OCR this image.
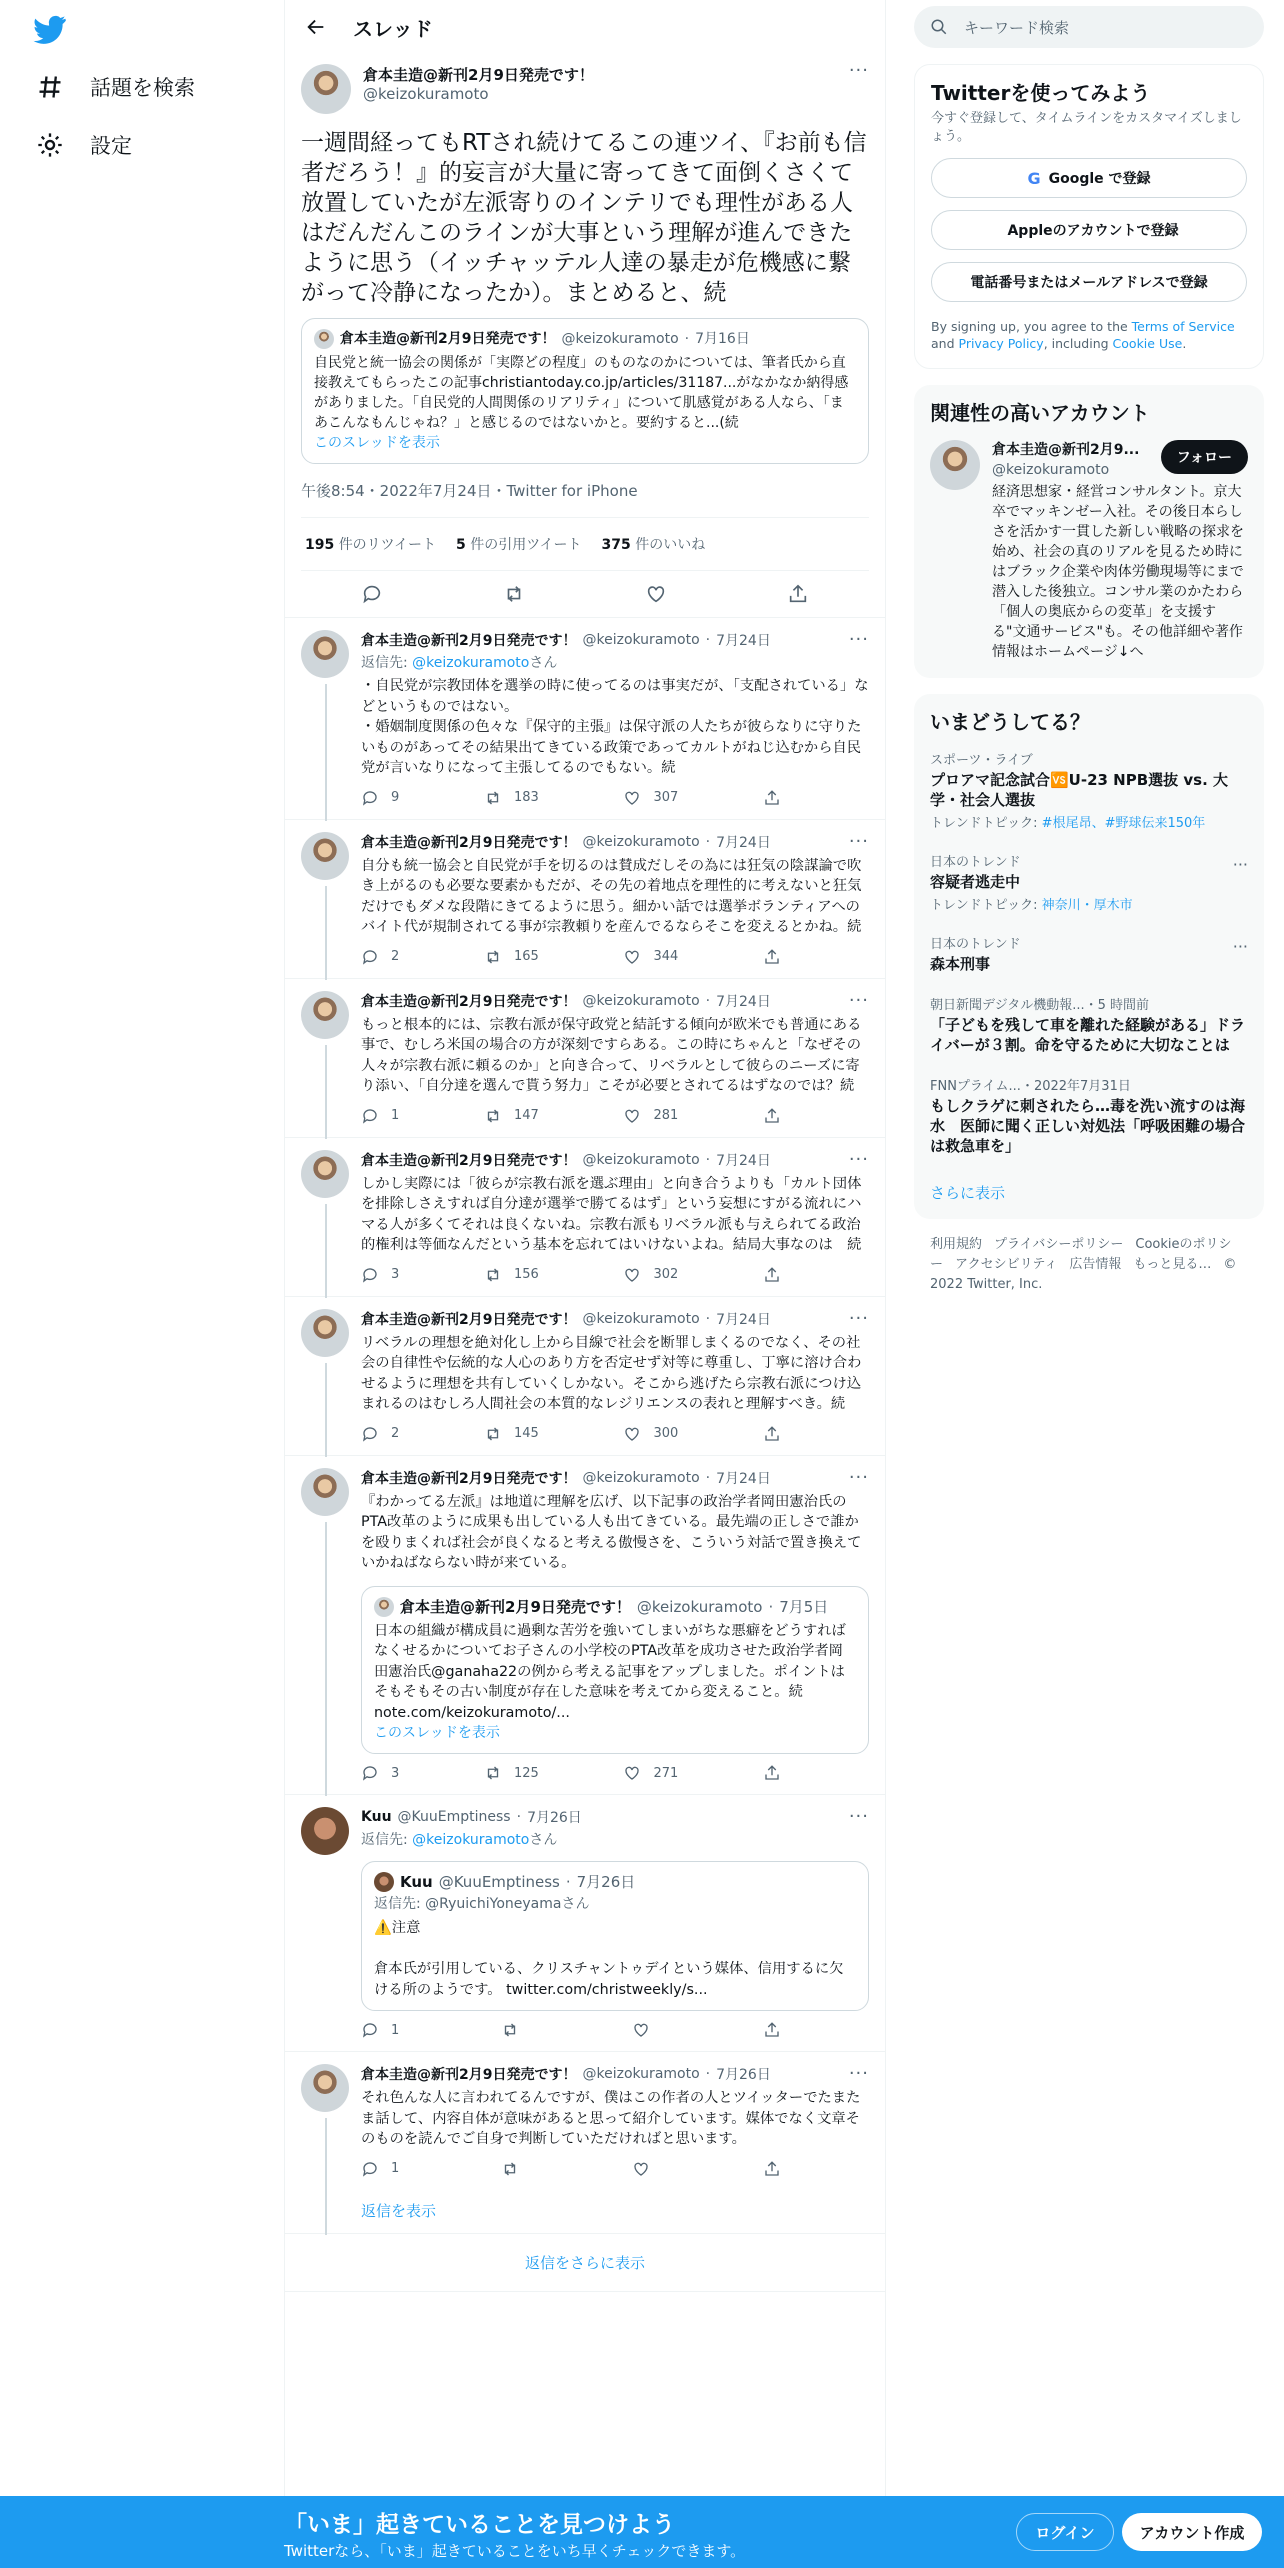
話題を検索
設定
スレッド
倉本圭造@新刊2月9日発売です！
@keizokuramoto
···
一週間経ってもRTされ続けてるこの連ツイ、『お前も信者だろう！』的妄言が大量に寄ってきて面倒くさくて放置していたが左派寄りのインテリでも理性がある人はだんだんこのラインが大事という理解が進んできたように思う（イッチャッテル人達の暴走が危機感に繋がって冷静になったか）。まとめると、続
倉本圭造@新刊2月9日発売です！ @keizokuramoto · 7月16日
自民党と統一協会の関係が「実際どの程度」のものなのかについては、筆者氏から直接教えてもらったこの記事christiantoday.co.jp/articles/31187...がなかなか納得感がありました。「自民党的人間関係のリアリティ」について肌感覚がある人なら、「まあこんなもんじゃね？」と感じるのではないかと。要約すると...(続
このスレッドを表示
午後8:54・2022年7月24日・Twitter for iPhone
195 件のリツイート 5 件の引用ツイート 375 件のいいね
倉本圭造@新刊2月9日発売です！ @keizokuramoto · 7月24日	···
返信先: @keizokuramotoさん
・自民党が宗教団体を選挙の時に使ってるのは事実だが、「支配されている」などというものではない。
・婚姻制度関係の色々な『保守的主張』は保守派の人たちが彼らなりに守りたいものがあってその結果出てきている政策であってカルトがねじ込むから自民党が言いなりになって主張してるのでもない。続
9	183	307
倉本圭造@新刊2月9日発売です！ @keizokuramoto · 7月24日	···
自分も統一協会と自民党が手を切るのは賛成だしその為には狂気の陰謀論で吹き上がるのも必要な要素かもだが、その先の着地点を理性的に考えないと狂気だけでもダメな段階にきてるように思う。細かい話では選挙ボランティアへのバイト代が規制されてる事が宗教頼りを産んでるならそこを変えるとかね。続
2	165	344
倉本圭造@新刊2月9日発売です！ @keizokuramoto · 7月24日	···
もっと根本的には、宗教右派が保守政党と結託する傾向が欧米でも普通にある事で、むしろ米国の場合の方が深刻ですらある。この時にちゃんと「なぜその人々が宗教右派に頼るのか」と向き合って、リベラルとして彼らのニーズに寄り添い、「自分達を選んで貰う努力」こそが必要とされてるはずなのでは？続
1	147	281
倉本圭造@新刊2月9日発売です！ @keizokuramoto · 7月24日	···
しかし実際には「彼らが宗教右派を選ぶ理由」と向き合うよりも「カルト団体を排除しさえすれば自分達が選挙で勝てるはず」という妄想にすがる流れにハマる人が多くてそれは良くないね。宗教右派もリベラル派も与えられてる政治的権利は等価なんだという基本を忘れてはいけないよね。結局大事なのは　続
3	156	302
倉本圭造@新刊2月9日発売です！ @keizokuramoto · 7月24日	···
リベラルの理想を絶対化し上から目線で社会を断罪しまくるのでなく、その社会の自律性や伝統的な人心のあり方を否定せず対等に尊重し、丁寧に溶け合わせるように理想を共有していくしかない。そこから逃げたら宗教右派につけ込まれるのはむしろ人間社会の本質的なレジリエンスの表れと理解すべき。続
2	145	300
倉本圭造@新刊2月9日発売です！ @keizokuramoto · 7月24日	···
『わかってる左派』は地道に理解を広げ、以下記事の政治学者岡田憲治氏のPTA改革のように成果も出している人も出てきている。最先端の正しさで誰かを殴りまくれば社会が良くなると考える傲慢さを、こういう対話で置き換えていかねばならない時が来ている。
倉本圭造@新刊2月9日発売です！ @keizokuramoto · 7月5日
日本の組織が構成員に過剰な苦労を強いてしまいがちな悪癖をどうすればなくせるかについてお子さんの小学校のPTA改革を成功させた政治学者岡田憲治氏@ganaha22の例から考える記事をアップしました。ポイントはそもそもその古い制度が存在した意味を考えてから変えること。続note.com/keizokuramoto/...
このスレッドを表示
3	125	271
Kuu @KuuEmptiness · 7月26日	···
返信先: @keizokuramotoさん
Kuu @KuuEmptiness · 7月26日
返信先: @RyuichiYoneyamaさん
⚠️注意

倉本氏が引用している、クリスチャントゥデイという媒体、信用するに欠ける所のようです。 twitter.com/christweekly/s...
1
倉本圭造@新刊2月9日発売です！ @keizokuramoto · 7月26日	···
それ色んな人に言われてるんですが、僕はこの作者の人とツイッターでたまたま話して、内容自体が意味があると思って紹介しています。媒体でなく文章そのものを読んでご自身で判断していただければと思います。
1
返信を表示
返信をさらに表示
キーワード検索
Twitterを使ってみよう
今すぐ登録して、タイムラインをカスタマイズしましょう。
G Google で登録
Appleのアカウントで登録
電話番号またはメールアドレスで登録
By signing up, you agree to the Terms of Service and Privacy Policy, including Cookie Use.
関連性の高いアカウント
倉本圭造@新刊2月9...
@keizokuramoto
フォロー
経済思想家・経営コンサルタント。京大卒でマッキンゼー入社。その後日本らしさを活かす一貫した新しい戦略の探求を始め、社会の真のリアルを見るため時にはブラック企業や肉体労働現場等にまで潜入した後独立。コンサル業のかたわら「個人の奥底からの変革」を支援する"文通サービス"も。その他詳細や著作情報はホームページ↓へ
いまどうしてる？
スポーツ・ライブ
プロアマ記念試合🆚U-23 NPB選抜 vs. 大学・社会人選抜
トレンドトピック: #根尾昂、#野球伝来150年
日本のトレンド
容疑者逃走中
トレンドトピック: 神奈川・厚木市
···
日本のトレンド
森本刑事
···
朝日新聞デジタル機動報...・5 時間前
「子どもを残して車を離れた経験がある」ドライバーが３割。命を守るために大切なことは
FNNプライム...・2022年7月31日
もしクラゲに刺されたら…毒を洗い流すのは海水　医師に聞く正しい対処法「呼吸困難の場合は救急車を」
さらに表示
利用規約 プライバシーポリシー Cookieのポリシー アクセシビリティ 広告情報 もっと見る… © 2022 Twitter, Inc.
「いま」起きていることを見つけよう
Twitterなら、「いま」起きていることをいち早くチェックできます。
ログイン	アカウント作成
